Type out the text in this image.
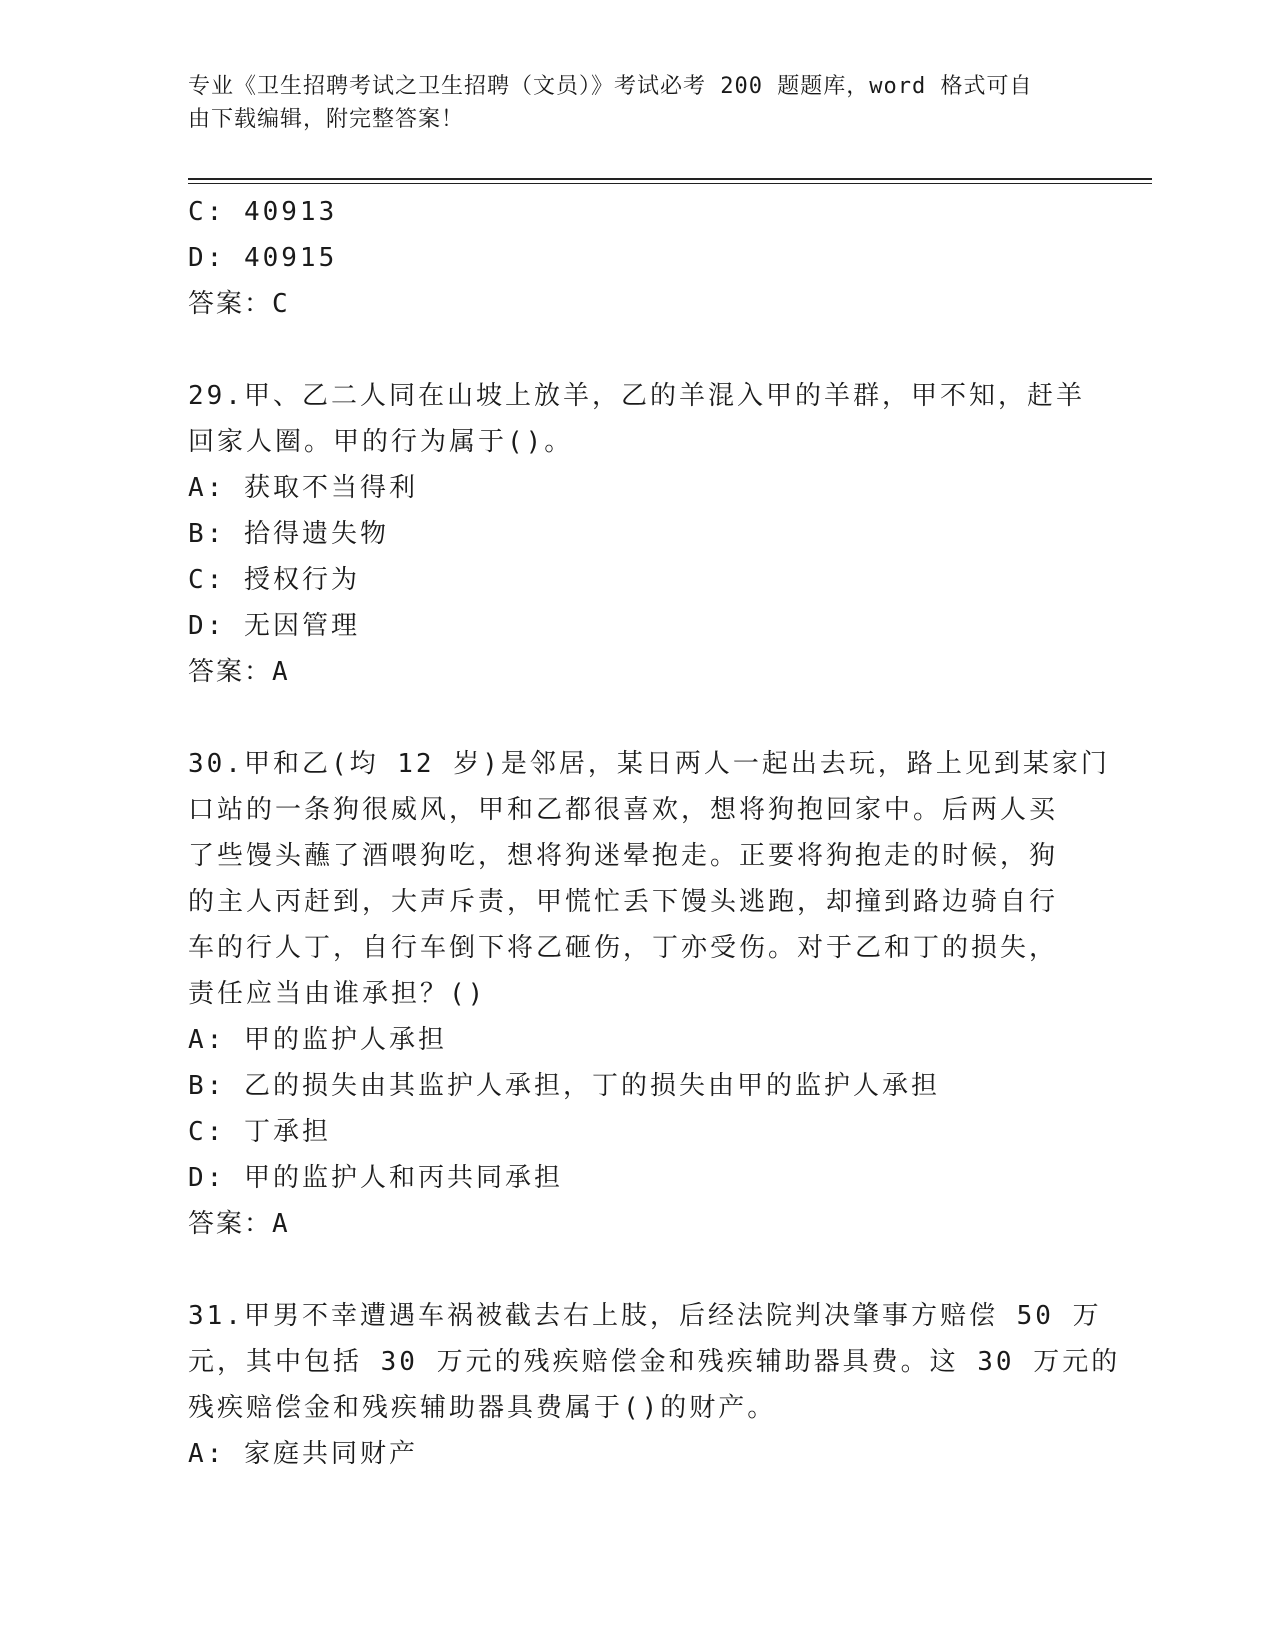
专业《卫生招聘考试之卫生招聘（文员）》考试必考 200 题题库，word 格式可自
由下载编辑，附完整答案！
C: 40913
D: 40915
答案：C
29.甲、乙二人同在山坡上放羊，乙的羊混入甲的羊群，甲不知，赶羊
回家人圈。甲的行为属于()。
A: 获取不当得利
B: 拾得遗失物
C: 授权行为
D: 无因管理
答案：A
30.甲和乙(均 12 岁)是邻居，某日两人一起出去玩，路上见到某家门
口站的一条狗很威风，甲和乙都很喜欢，想将狗抱回家中。后两人买
了些馒头蘸了酒喂狗吃，想将狗迷晕抱走。正要将狗抱走的时候，狗
的主人丙赶到，大声斥责，甲慌忙丢下馒头逃跑，却撞到路边骑自行
车的行人丁，自行车倒下将乙砸伤，丁亦受伤。对于乙和丁的损失，
责任应当由谁承担？()
A: 甲的监护人承担
B: 乙的损失由其监护人承担，丁的损失由甲的监护人承担
C: 丁承担
D: 甲的监护人和丙共同承担
答案：A
31.甲男不幸遭遇车祸被截去右上肢，后经法院判决肇事方赔偿 50 万
元，其中包括 30 万元的残疾赔偿金和残疾辅助器具费。这 30 万元的
残疾赔偿金和残疾辅助器具费属于()的财产。
A: 家庭共同财产
